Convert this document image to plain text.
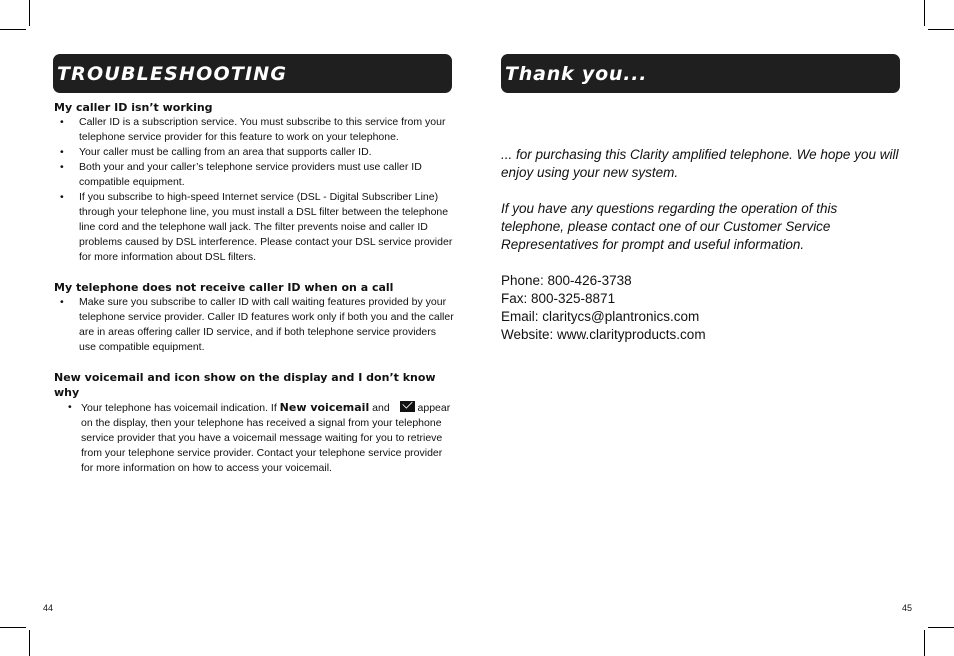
TROUBLESHOOTING

My caller ID isn’t working

• Caller ID is a subscription service. You must subscribe to this service from your telephone service provider for this feature to work on your telephone.
• Your caller must be calling from an area that supports caller ID.
• Both your and your caller’s telephone service providers must use caller ID compatible equipment.
• If you subscribe to high-speed Internet service (DSL - Digital Subscriber Line) through your telephone line, you must install a DSL filter between the telephone line cord and the telephone wall jack. The filter prevents noise and caller ID problems caused by DSL interference. Please contact your DSL service provider for more information about DSL filters.

My telephone does not receive caller ID when on a call

• Make sure you subscribe to caller ID with call waiting features provided by your telephone service provider. Caller ID features work only if both you and the caller are in areas offering caller ID service, and if both telephone service providers use compatible equipment.

New voicemail and icon show on the display and I don’t know why

• Your telephone has voicemail indication. If New voicemail and  appear on the display, then your telephone has received a signal from your telephone service provider that you have a voicemail message waiting for you to retrieve from your telephone service provider. Contact your telephone service provider for more information on how to access your voicemail.
44
Thank you...

... for purchasing this Clarity amplified telephone. We hope you will enjoy using your new system.

If you have any questions regarding the operation of this telephone, please contact one of our Customer Service Representatives for prompt and useful information.

Phone: 800-426-3738

Fax: 800-325-8871

Email: claritycs@plantronics.com

Website: www.clarityproducts.com

45
